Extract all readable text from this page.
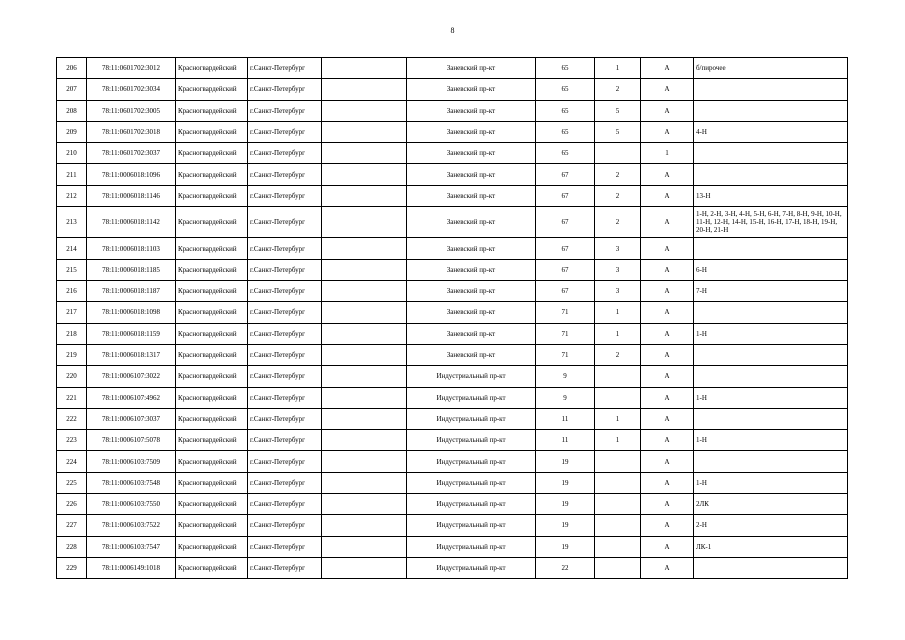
8
206	78:11:0601702:3012	Красногвардейский	г.Санкт-Петербург		Заневский пр-кт	65	1	А	б/пирочее
207	78:11:0601702:3034	Красногвардейский	г.Санкт-Петербург		Заневский пр-кт	65	2	А	
208	78:11:0601702:3005	Красногвардейский	г.Санкт-Петербург		Заневский пр-кт	65	5	А	
209	78:11:0601702:3018	Красногвардейский	г.Санкт-Петербург		Заневский пр-кт	65	5	А	4-Н
210	78:11:0601702:3037	Красногвардейский	г.Санкт-Петербург		Заневский пр-кт	65		1	
211	78:11:0006018:1096	Красногвардейский	г.Санкт-Петербург		Заневский пр-кт	67	2	А	
212	78:11:0006018:1146	Красногвардейский	г.Санкт-Петербург		Заневский пр-кт	67	2	А	13-Н
213	78:11:0006018:1142	Красногвардейский	г.Санкт-Петербург		Заневский пр-кт	67	2	А	1-Н, 2-Н, 3-Н, 4-Н, 5-Н, 6-Н, 7-Н, 8-Н, 9-Н, 10-Н, 11-Н, 12-Н, 14-Н, 15-Н, 16-Н, 17-Н, 18-Н, 19-Н, 20-Н, 21-Н
214	78:11:0006018:1103	Красногвардейский	г.Санкт-Петербург		Заневский пр-кт	67	3	А	
215	78:11:0006018:1185	Красногвардейский	г.Санкт-Петербург		Заневский пр-кт	67	3	А	6-Н
216	78:11:0006018:1187	Красногвардейский	г.Санкт-Петербург		Заневский пр-кт	67	3	А	7-Н
217	78:11:0006018:1098	Красногвардейский	г.Санкт-Петербург		Заневский пр-кт	71	1	А	
218	78:11:0006018:1159	Красногвардейский	г.Санкт-Петербург		Заневский пр-кт	71	1	А	1-Н
219	78:11:0006018:1317	Красногвардейский	г.Санкт-Петербург		Заневский пр-кт	71	2	А	
220	78:11:0006107:3022	Красногвардейский	г.Санкт-Петербург		Индустриальный пр-кт	9		А	
221	78:11:0006107:4962	Красногвардейский	г.Санкт-Петербург		Индустриальный пр-кт	9		А	1-Н
222	78:11:0006107:3037	Красногвардейский	г.Санкт-Петербург		Индустриальный пр-кт	11	1	А	
223	78:11:0006107:5078	Красногвардейский	г.Санкт-Петербург		Индустриальный пр-кт	11	1	А	1-Н
224	78:11:0006103:7509	Красногвардейский	г.Санкт-Петербург		Индустриальный пр-кт	19		А	
225	78:11:0006103:7548	Красногвардейский	г.Санкт-Петербург		Индустриальный пр-кт	19		А	1-Н
226	78:11:0006103:7550	Красногвардейский	г.Санкт-Петербург		Индустриальный пр-кт	19		А	2ЛК
227	78:11:0006103:7522	Красногвардейский	г.Санкт-Петербург		Индустриальный пр-кт	19		А	2-Н
228	78:11:0006103:7547	Красногвардейский	г.Санкт-Петербург		Индустриальный пр-кт	19		А	ЛК-1
229	78:11:0006149:1018	Красногвардейский	г.Санкт-Петербург		Индустриальный пр-кт	22		А	
